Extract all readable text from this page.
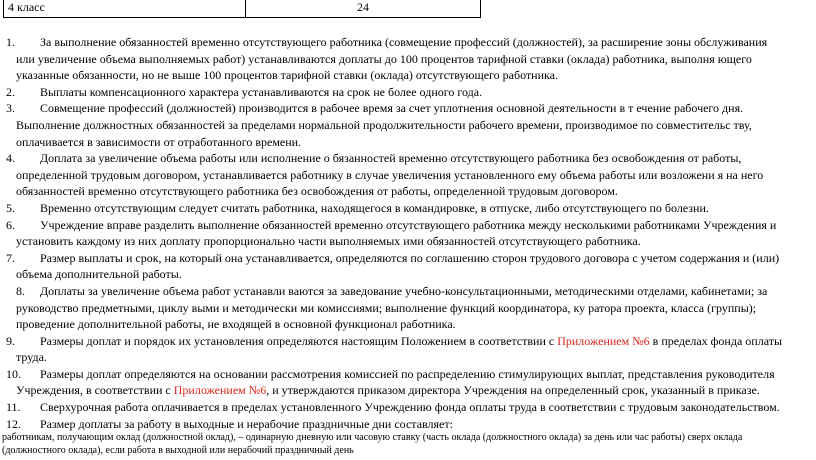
4 класс	24
1.	За выполнение обязанностей временно отсутствующего работника (совмещение профессий (должностей), за расширение зоны обслуживания
или увеличение объема выполняемых работ) устанавливаются доплаты до 100 процентов тарифной ставки (оклада) работника, выполня ющего
указанные обязанности, но не выше 100 процентов тарифной ставки (оклада) отсутствующего работника.
2.	Выплаты компенсационного характера устанавливаются на срок не более одного года.
3.	Совмещение профессий (должностей) производится в рабочее время за счет уплотнения основной деятельности в т ечение рабочего дня.
Выполнение должностных обязанностей за пределами нормальной продолжительности рабочего времени, производимое по совместительс тву,
оплачивается в зависимости от отработанного времени.
4.	Доплата за увеличение объема работы или исполнение о бязанностей временно отсутствующего работника без освобождения от работы,
определенной трудовым договором, устанавливается работнику в случае увеличения установленного ему объема работы или возложени я на него
обязанностей временно отсутствующего работника без освобождения от работы, определенной трудовым договором.
5.	Временно отсутствующим следует считать работника, находящегося в командировке, в отпуске, либо отсутствующего по болезни.
6.	Учреждение вправе разделить выполнение обязанностей временно отсутствующего работника между несколькими работниками Учреждения и
установить каждому из них доплату пропорционально части выполняемых ими обязанностей отсутствующего работника.
7.	Размер выплаты и срок, на который она устанавливается, определяются по соглашению сторон трудового договора с учетом содержания и (или)
объема дополнительной работы.
8.	Доплаты за увеличение объема работ устанавли ваются за заведование учебно-консультационными, методическими отделами, кабинетами; за
руководство предметными, циклу выми и методически ми комиссиями; выполнение функций координатора, ку ратора проекта, класса (группы);
проведение дополнительной работы, не входящей в основной функционал работника.
9.	Размеры доплат и порядок их установления определяются настоящим Положением в соответствии с Приложением №6 в пределах фонда оплаты
труда.
10.	Размеры доплат определяются на основании рассмотрения комиссией по распределению стимулирующих выплат, представления руководителя
Учреждения, в соответствии с Приложением №6, и утверждаются приказом директора Учреждения на определенный срок, указанный в приказе.
11.	Сверхурочная работа оплачивается в пределах установленного Учреждению фонда оплаты труда в соответствии с трудовым законодательством.
12.	Размер доплаты за работу в выходные и нерабочие праздничные дни составляет:
работникам, получающим оклад (должностной оклад), – одинарную дневную или часовую ставку (часть оклада (должностного оклада) за день или час работы) сверх оклада
(должностного оклада), если работа в выходной или нерабочий праздничный день
